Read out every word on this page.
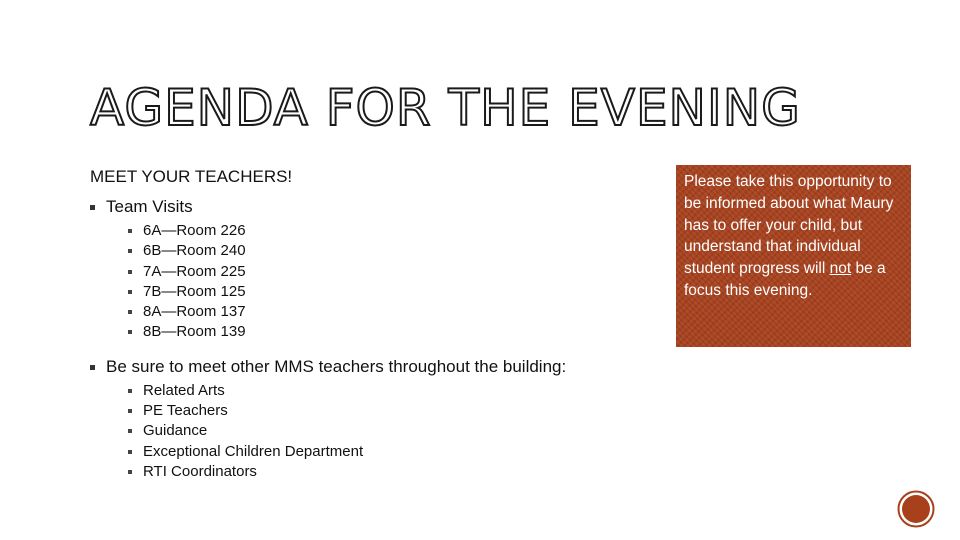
AGENDA FOR THE EVENING

MEET YOUR TEACHERS!

Team Visits
6A—Room 226
6B—Room 240
7A—Room 225
7B—Room 125
8A—Room 137
8B—Room 139
Be sure to meet other MMS teachers throughout the building:
Related Arts
PE Teachers
Guidance
Exceptional Children Department
RTI Coordinators
Please take this opportunity to be informed about what Maury has to offer your child, but understand that individual student progress will not be a focus this evening.
